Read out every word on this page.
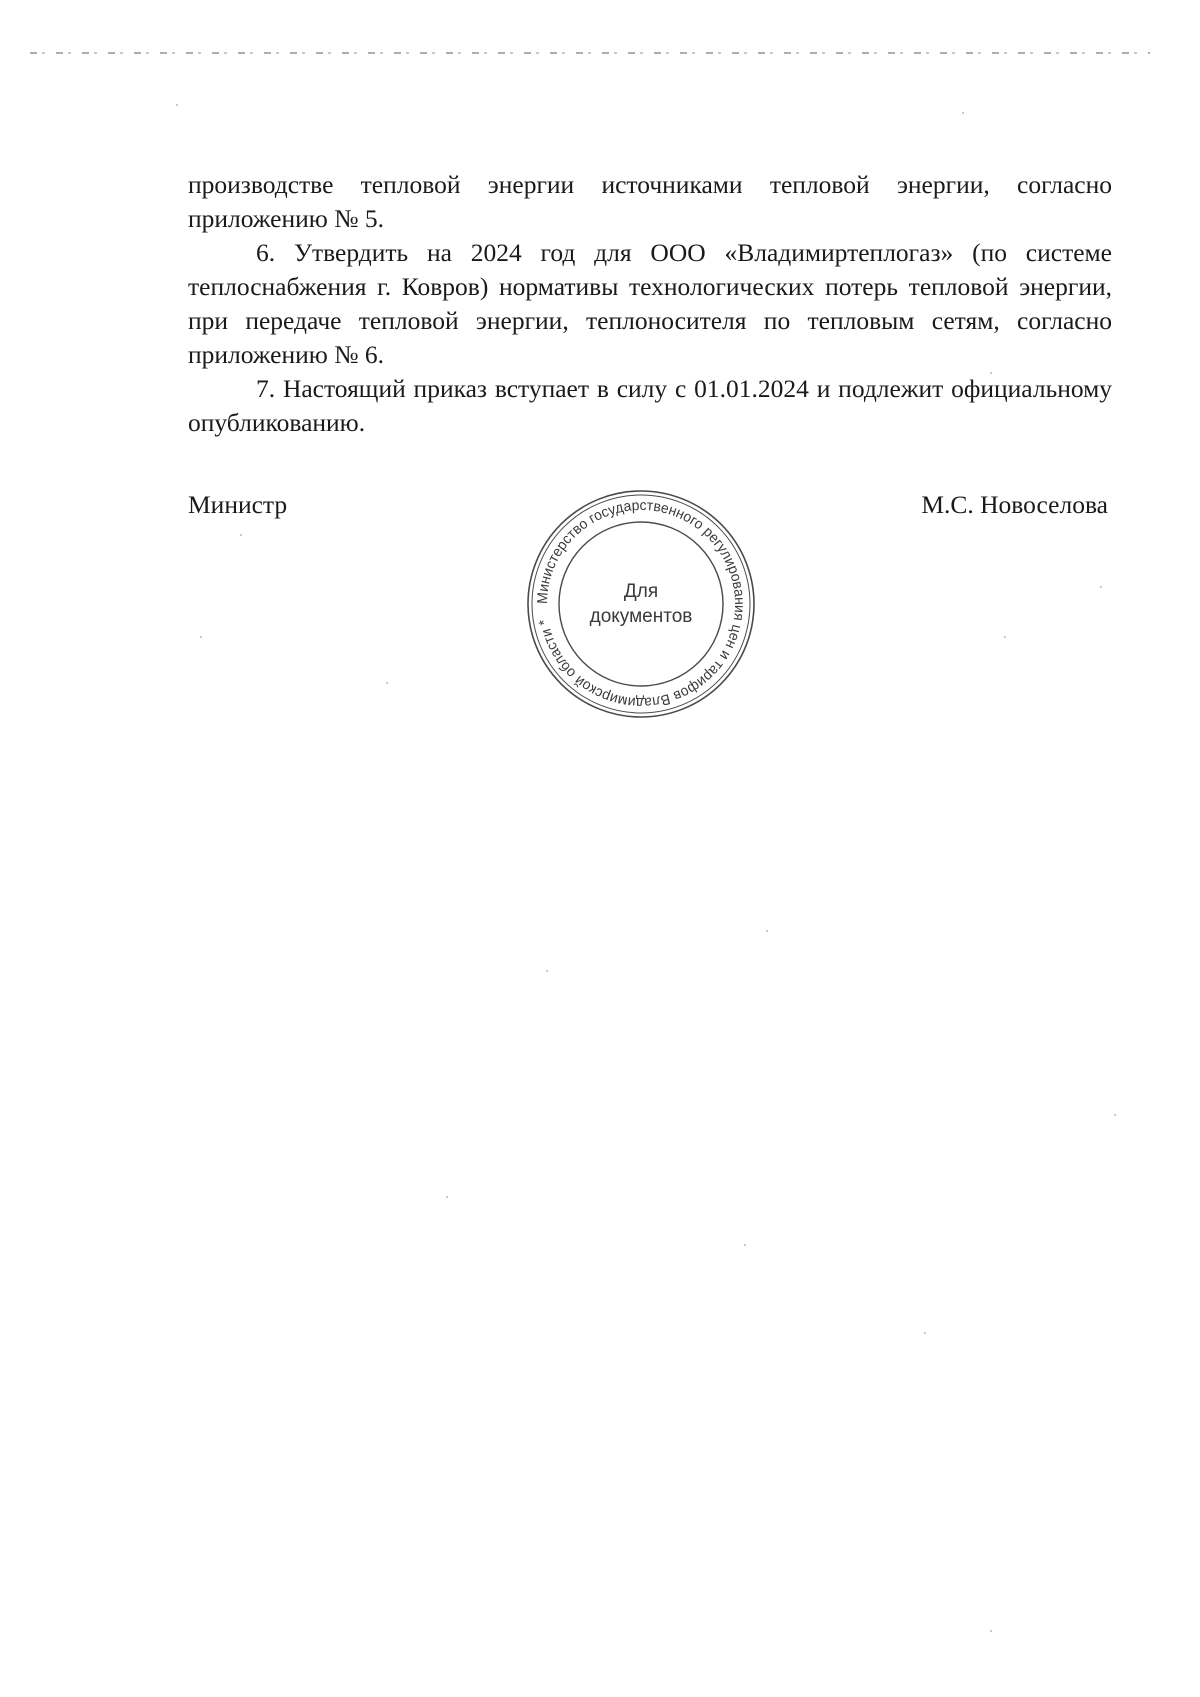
производстве тепловой энергии источниками тепловой энергии, согласно приложению № 5.

6. Утвердить на 2024 год для ООО «Владимиртеплогаз» (по системе теплоснабжения г. Ковров) нормативы технологических потерь тепловой энергии, при передаче тепловой энергии, теплоносителя по тепловым сетям, согласно приложению № 6.

7. Настоящий приказ вступает в силу с 01.01.2024 и подлежит официальному опубликованию.

Министр	М.С. Новоселова
Министерство государственного регулирования цен и тарифов Владимирской области *
Для
документов
